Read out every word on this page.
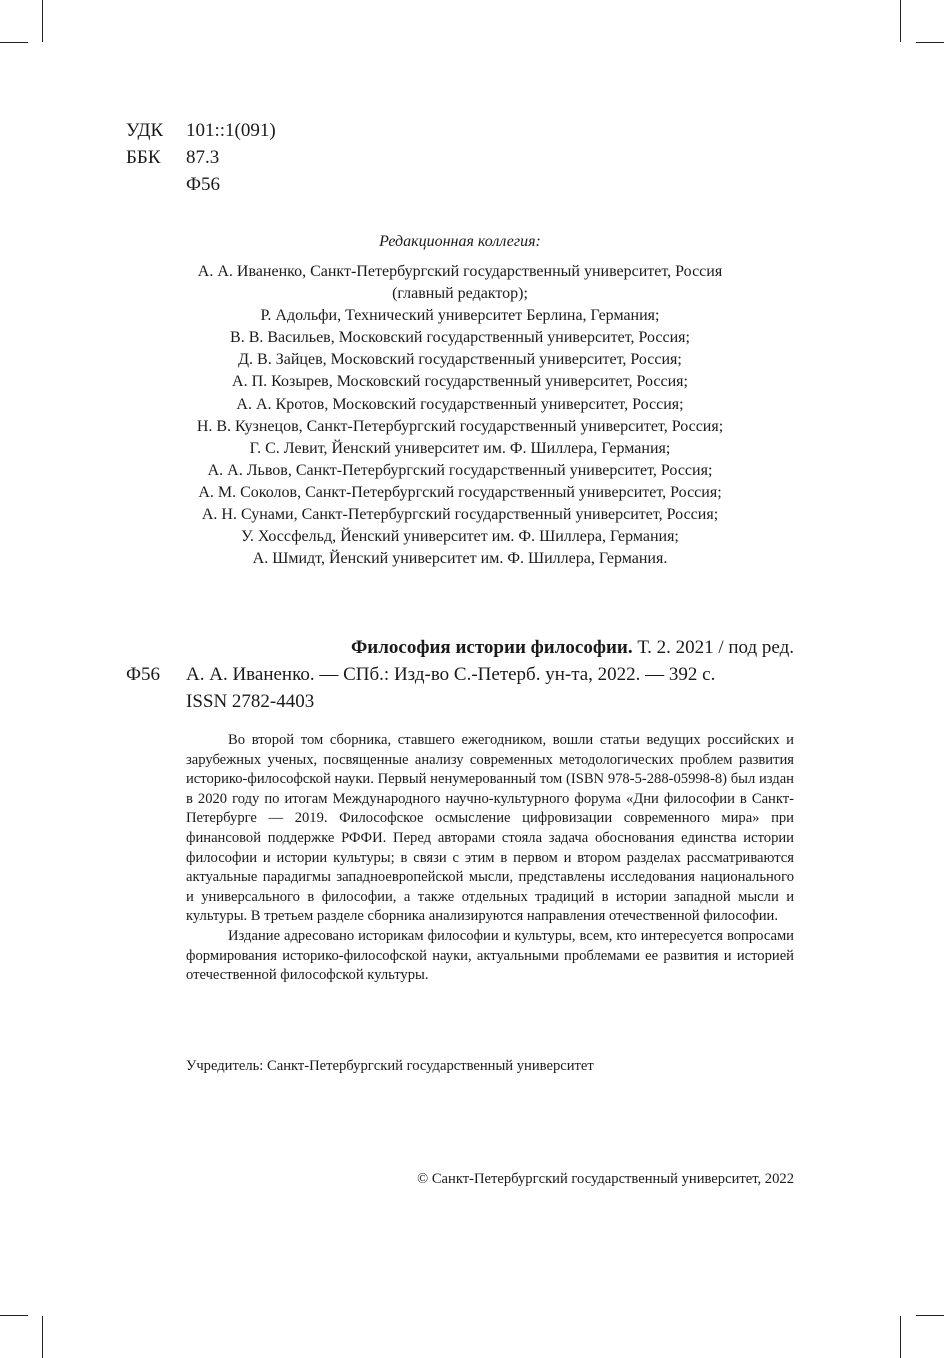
УДК	101::1(091)
ББК	87.3
Ф56
Редакционная коллегия:
А. А. Иваненко, Санкт-Петербургский государственный университет, Россия
(главный редактор);
Р. Адольфи, Технический университет Берлина, Германия;
В. В. Васильев, Московский государственный университет, Россия;
Д. В. Зайцев, Московский государственный университет, Россия;
А. П. Козырев, Московский государственный университет, Россия;
А. А. Кротов, Московский государственный университет, Россия;
Н. В. Кузнецов, Санкт-Петербургский государственный университет, Россия;
Г. С. Левит, Йенский университет им. Ф. Шиллера, Германия;
А. А. Львов, Санкт-Петербургский государственный университет, Россия;
А. М. Соколов, Санкт-Петербургский государственный университет, Россия;
А. Н. Сунами, Санкт-Петербургский государственный университет, Россия;
У. Хоссфельд, Йенский университет им. Ф. Шиллера, Германия;
А. Шмидт, Йенский университет им. Ф. Шиллера, Германия.
Ф56
Философия истории философии. Т. 2. 2021 / под ред.
А. А. Иваненко. — СПб.: Изд-во С.-Петерб. ун-та, 2022. — 392 с.
ISSN 2782-4403

Во второй том сборника, ставшего ежегодником, вошли статьи ведущих российских и зарубежных ученых, посвященные анализу современных методологических проблем развития историко-философской науки. Первый ненумерованный том (ISBN 978-5-288-05998-8) был издан в 2020 году по итогам Международного научно-культурного форума «Дни философии в Санкт-Петербурге — 2019. Философское осмысление цифровизации современного мира» при финансовой поддержке РФФИ. Перед авторами стояла задача обоснования единства истории философии и истории культуры; в связи с этим в первом и втором разделах рассматриваются актуальные парадигмы западноевропейской мысли, представлены исследования национального и универсального в философии, а также отдельных традиций в истории западной мысли и культуры. В третьем разделе сборника анализируются направления отечественной философии.

Издание адресовано историкам философии и культуры, всем, кто интересуется вопросами формирования историко-философской науки, актуальными проблемами ее развития и историей отечественной философской культуры.

Учредитель: Санкт-Петербургский государственный университет
© Санкт-Петербургский государственный университет, 2022
